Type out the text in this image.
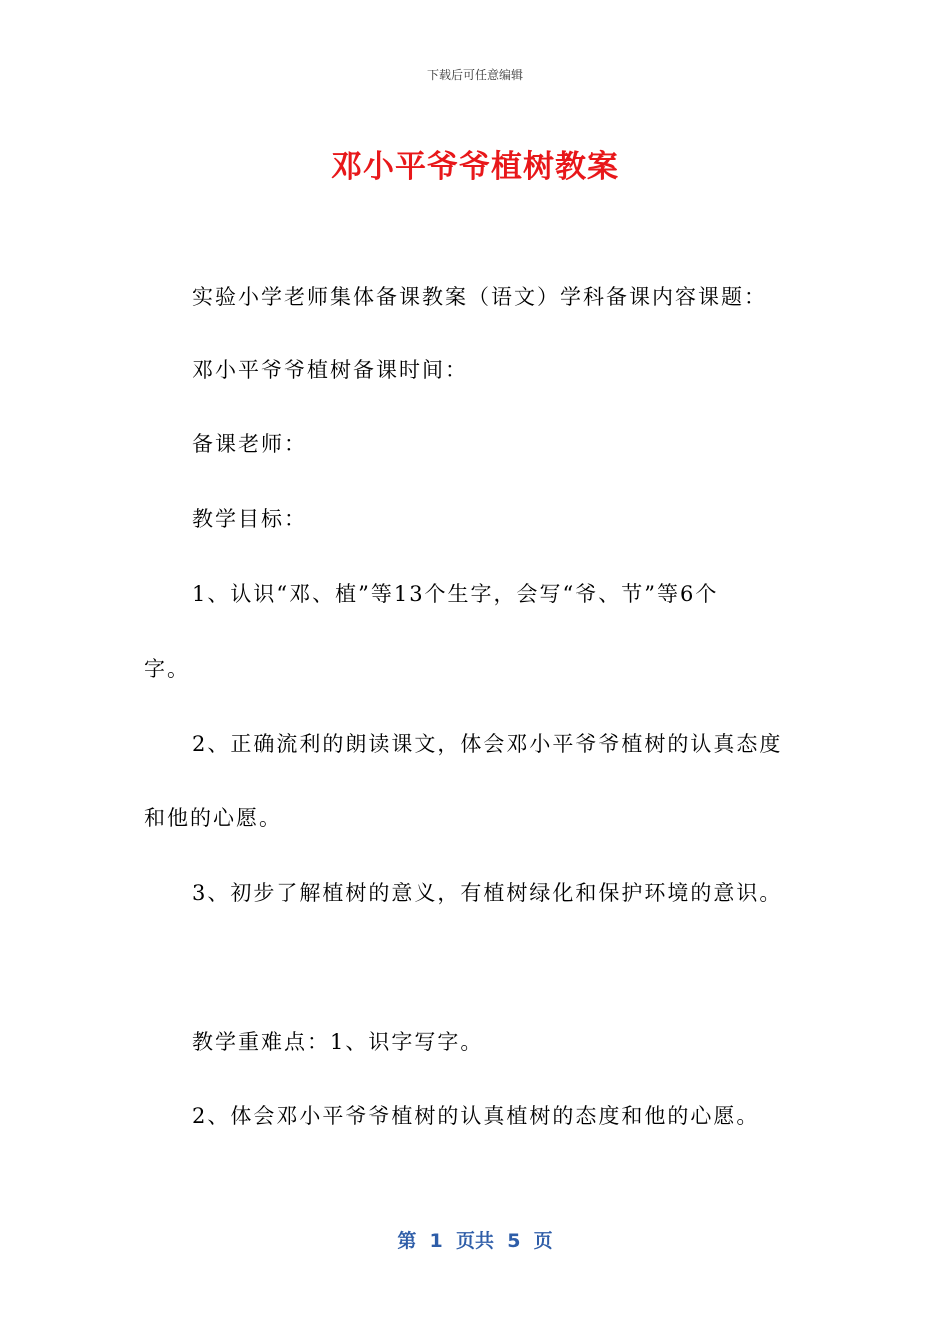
下载后可任意编辑
邓小平爷爷植树教案
实验小学老师集体备课教案（语文）学科备课内容课题：
邓小平爷爷植树备课时间：
备课老师：
教学目标：
1、认识“邓、植”等13个生字，会写“爷、节”等6个
字。
2、正确流利的朗读课文，体会邓小平爷爷植树的认真态度
和他的心愿。
3、初步了解植树的意义，有植树绿化和保护环境的意识。
教学重难点：1、识字写字。
2、体会邓小平爷爷植树的认真植树的态度和他的心愿。
第  1  页共  5  页
